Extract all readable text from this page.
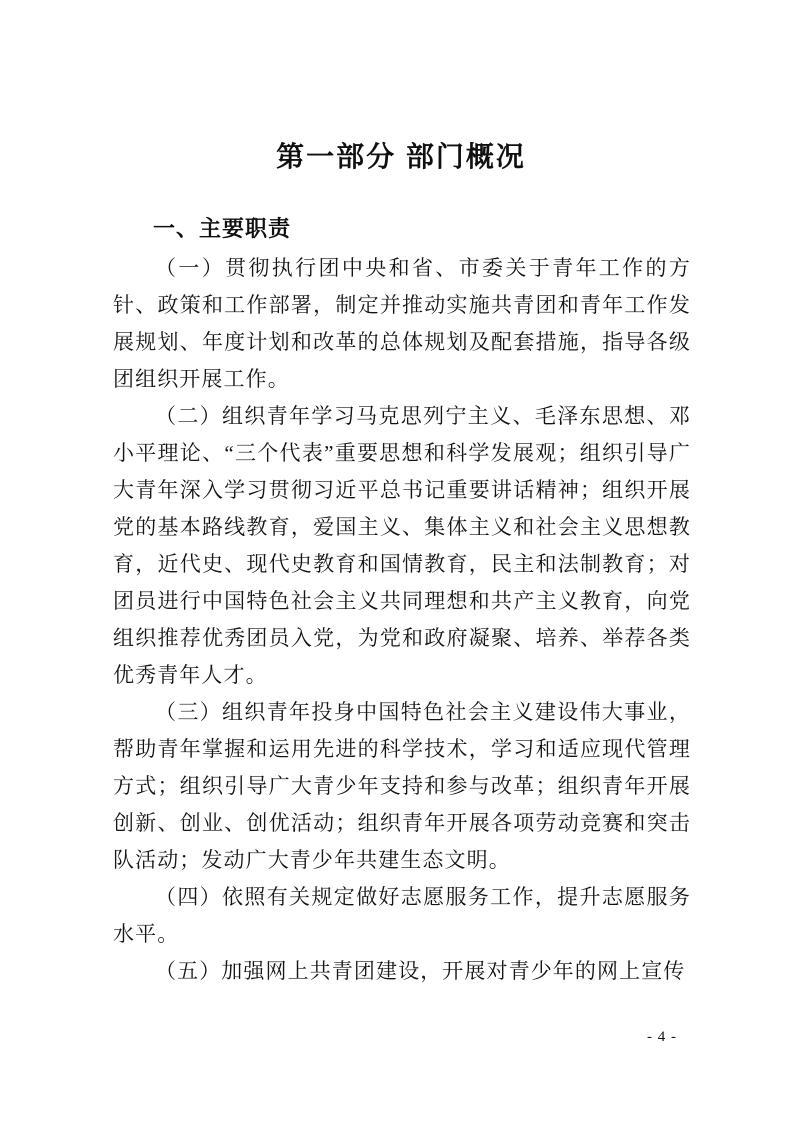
第一部分 部门概况
一、主要职责

（一）贯彻执行团中央和省、市委关于青年工作的方针、政策和工作部署，制定并推动实施共青团和青年工作发展规划、年度计划和改革的总体规划及配套措施，指导各级团组织开展工作。

（二）组织青年学习马克思列宁主义、毛泽东思想、邓小平理论、“三个代表”重要思想和科学发展观；组织引导广大青年深入学习贯彻习近平总书记重要讲话精神；组织开展党的基本路线教育，爱国主义、集体主义和社会主义思想教育，近代史、现代史教育和国情教育，民主和法制教育；对团员进行中国特色社会主义共同理想和共产主义教育，向党组织推荐优秀团员入党，为党和政府凝聚、培养、举荐各类优秀青年人才。

（三）组织青年投身中国特色社会主义建设伟大事业，帮助青年掌握和运用先进的科学技术，学习和适应现代管理方式；组织引导广大青少年支持和参与改革；组织青年开展创新、创业、创优活动；组织青年开展各项劳动竞赛和突击队活动；发动广大青少年共建生态文明。

（四）依照有关规定做好志愿服务工作，提升志愿服务水平。

（五）加强网上共青团建设，开展对青少年的网上宣传

- 4 -
